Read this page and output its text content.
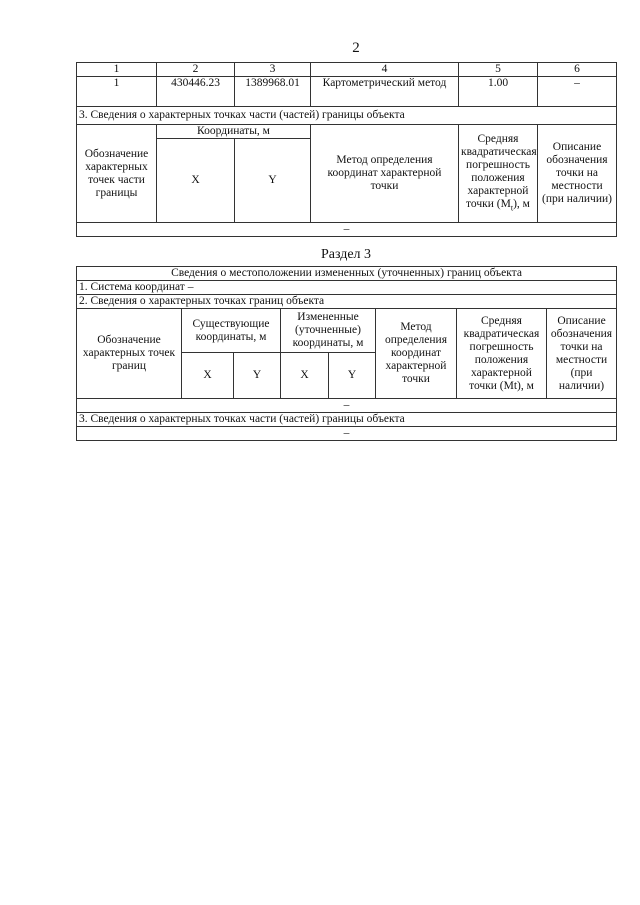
2
1	2	3	4	5	6
1	430446.23	1389968.01	Картометрический метод	1.00	–
3. Сведения о характерных точках части (частей) границы объекта					
Обозначение характерных точек части границы	Координаты, м		Метод определения координат характерной точки	Средняя квадратическая погрешность положения характерной точки $(M_t)$, м	Описание обозначения точки на местности (при наличии)
	X	Y			
–					
Раздел 3
Сведения о местоположении измененных (уточненных) границ объекта							
1. Система координат –							
2. Сведения о характерных точках границ объекта							
Обозначение характерных точек границ	Существующие координаты, м		Измененные (уточненные) координаты, м		Метод определения координат характерной точки	Средняя квадратическая погрешность положения характерной точки (Mt), м	Описание обозначения точки на местности (при наличии)
	X	Y	X	Y			
–							
3. Сведения о характерных точках части (частей) границы объекта							
–							
